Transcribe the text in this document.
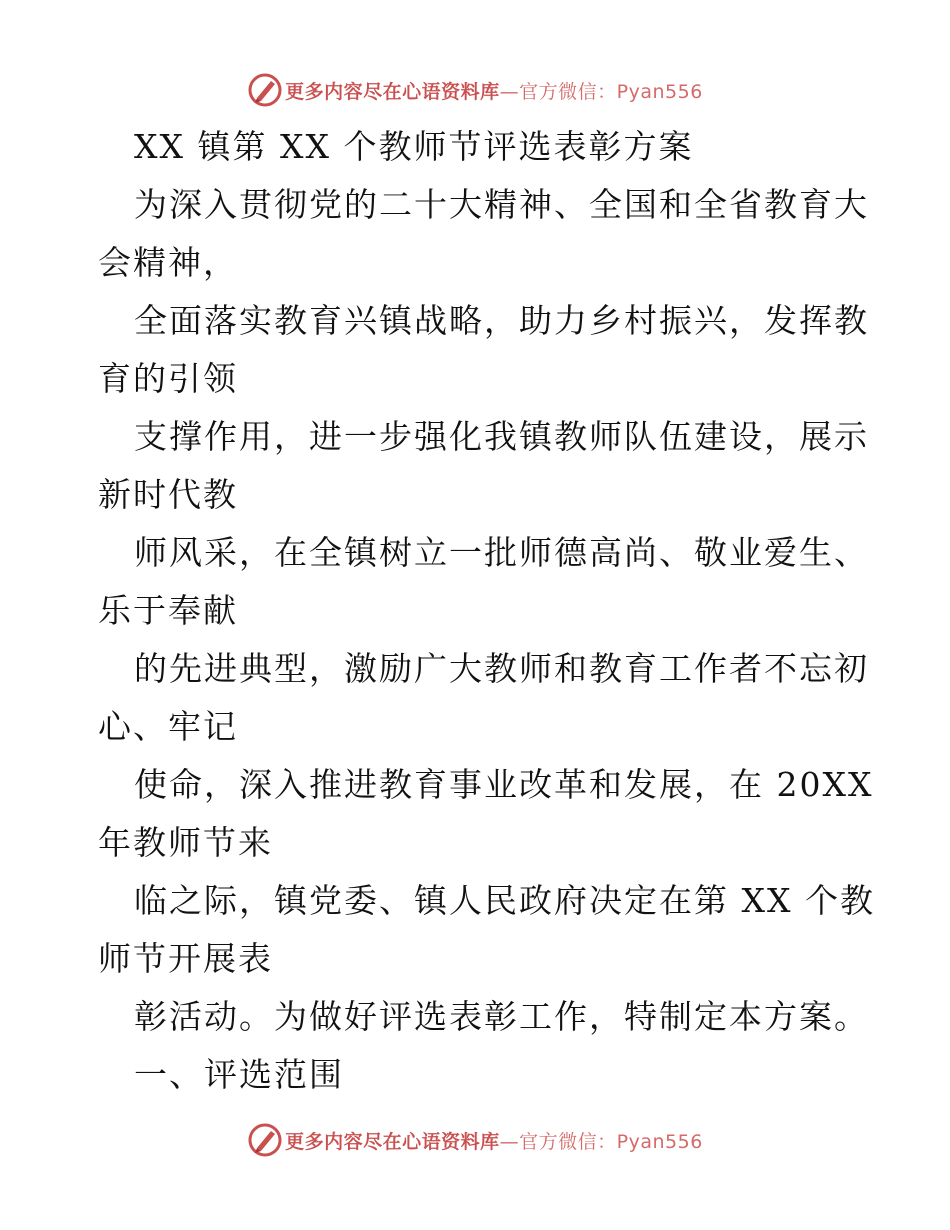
更多内容尽在心语资料库 —官方微信：Pyan556
XX 镇第 XX 个教师节评选表彰方案
为深入贯彻党的二十大精神、全国和全省教育大
会精神，
全面落实教育兴镇战略，助力乡村振兴，发挥教
育的引领
支撑作用，进一步强化我镇教师队伍建设，展示
新时代教
师风采，在全镇树立一批师德高尚、敬业爱生、
乐于奉献
的先进典型，激励广大教师和教育工作者不忘初
心、牢记
使命，深入推进教育事业改革和发展，在 20XX
年教师节来
临之际，镇党委、镇人民政府决定在第 XX 个教
师节开展表
彰活动。为做好评选表彰工作，特制定本方案。
一、评选范围
更多内容尽在心语资料库 —官方微信：Pyan556
